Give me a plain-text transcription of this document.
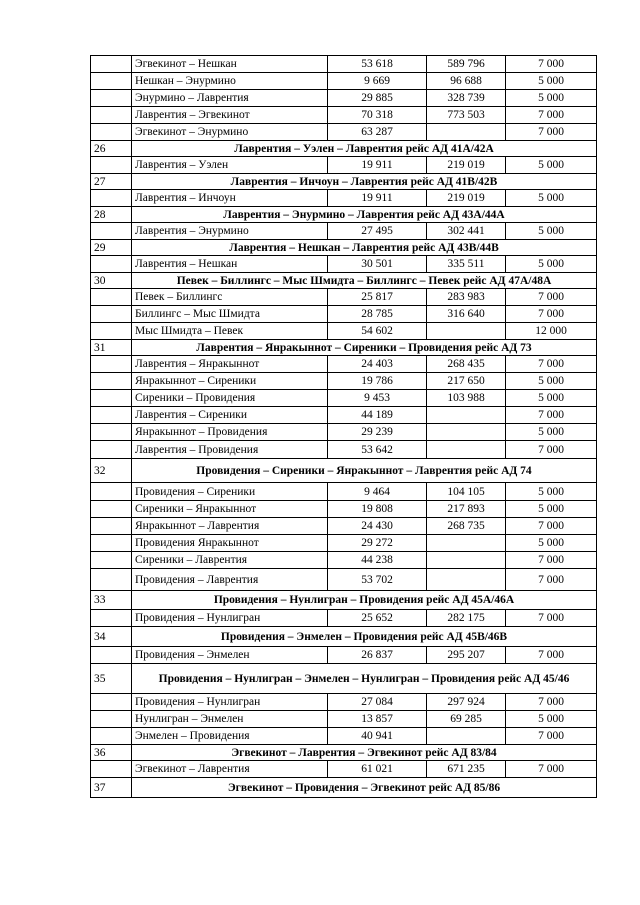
	Эгвекинот – Нешкан	53 618	589 796	7 000
	Нешкан – Энурмино	9 669	96 688	5 000
	Энурмино – Лаврентия	29 885	328 739	5 000
	Лаврентия – Эгвекинот	70 318	773 503	7 000
	Эгвекинот – Энурмино	63 287		7 000
26	Лаврентия – Уэлен – Лаврентия рейс АД 41А/42А			
	Лаврентия – Уэлен	19 911	219 019	5 000
27	Лаврентия – Инчоун – Лаврентия рейс АД 41В/42В			
	Лаврентия – Инчоун	19 911	219 019	5 000
28	Лаврентия – Энурмино – Лаврентия рейс АД 43А/44А			
	Лаврентия – Энурмино	27 495	302 441	5 000
29	Лаврентия – Нешкан – Лаврентия рейс АД 43В/44В			
	Лаврентия – Нешкан	30 501	335 511	5 000
30	Певек – Биллингс – Мыс Шмидта – Биллингс – Певек рейс АД 47А/48А			
	Певек – Биллингс	25 817	283 983	7 000
	Биллингс – Мыс Шмидта	28 785	316 640	7 000
	Мыс Шмидта – Певек	54 602		12 000
31	Лаврентия – Янракыннот – Сиреники – Провидения рейс АД 73			
	Лаврентия – Янракыннот	24 403	268 435	7 000
	Янракыннот – Сиреники	19 786	217 650	5 000
	Сиреники – Провидения	9 453	103 988	5 000
	Лаврентия – Сиреники	44 189		7 000
	Янракыннот – Провидения	29 239		5 000
	Лаврентия – Провидения	53 642		7 000
32	Провидения – Сиреники – Янракыннот – Лаврентия рейс АД 74			
	Провидения – Сиреники	9 464	104 105	5 000
	Сиреники – Янракыннот	19 808	217 893	5 000
	Янракыннот – Лаврентия	24 430	268 735	7 000
	Провидения Янракыннот	29 272		5 000
	Сиреники – Лаврентия	44 238		7 000
	Провидения – Лаврентия	53 702		7 000
33	Провидения – Нунлигран – Провидения рейс АД 45А/46А			
	Провидения – Нунлигран	25 652	282 175	7 000
34	Провидения – Энмелен – Провидения рейс АД 45В/46В			
	Провидения – Энмелен	26 837	295 207	7 000
35	Провидения – Нунлигран – Энмелен – Нунлигран – Провидения рейс АД 45/46			
	Провидения – Нунлигран	27 084	297 924	7 000
	Нунлигран – Энмелен	13 857	69 285	5 000
	Энмелен – Провидения	40 941		7 000
36	Эгвекинот – Лаврентия – Эгвекинот рейс АД 83/84			
	Эгвекинот – Лаврентия	61 021	671 235	7 000
37	Эгвекинот – Провидения – Эгвекинот рейс АД 85/86			
